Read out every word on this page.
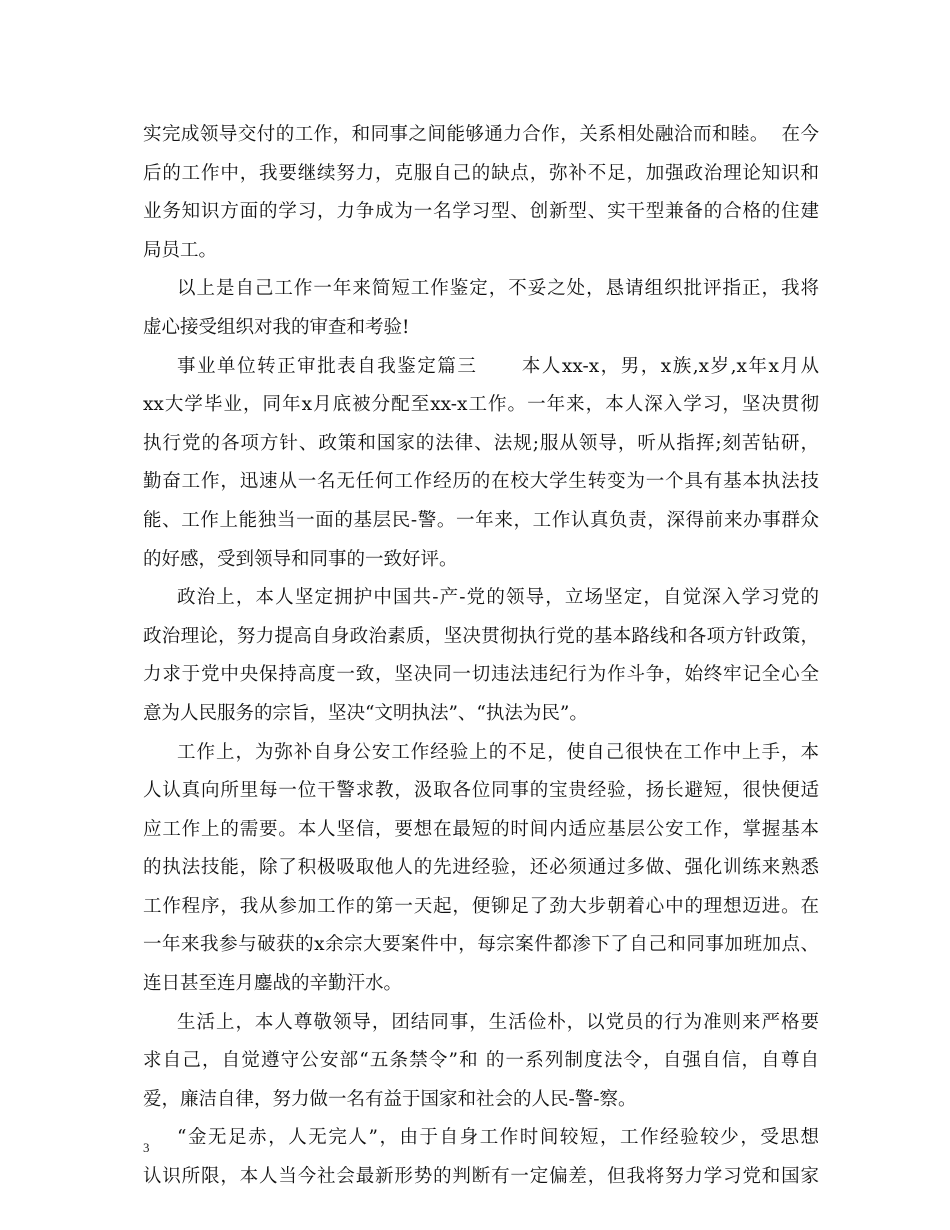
实完成领导交付的工作，和同事之间能够通力合作，关系相处融洽而和睦。  在今
后的工作中，我要继续努力，克服自己的缺点，弥补不足，加强政治理论知识和
业务知识方面的学习，力争成为一名学习型、创新型、实干型兼备的合格的住建
局员工。
以上是自己工作一年来简短工作鉴定，不妥之处，恳请组织批评指正，我将
虚心接受组织对我的审查和考验!
事业单位转正审批表自我鉴定篇三      本人xx-x，男，x族,x岁,x年x月从
xx大学毕业，同年x月底被分配至xx-x工作。一年来，本人深入学习，坚决贯彻
执行党的各项方针、政策和国家的法律、法规;服从领导，听从指挥;刻苦钻研，
勤奋工作，迅速从一名无任何工作经历的在校大学生转变为一个具有基本执法技
能、工作上能独当一面的基层民-警。一年来，工作认真负责，深得前来办事群众
的好感，受到领导和同事的一致好评。
政治上，本人坚定拥护中国共-产-党的领导，立场坚定，自觉深入学习党的
政治理论，努力提高自身政治素质，坚决贯彻执行党的基本路线和各项方针政策，
力求于党中央保持高度一致，坚决同一切违法违纪行为作斗争，始终牢记全心全
意为人民服务的宗旨，坚决“文明执法”、“执法为民”。
工作上，为弥补自身公安工作经验上的不足，使自己很快在工作中上手，本
人认真向所里每一位干警求教，汲取各位同事的宝贵经验，扬长避短，很快便适
应工作上的需要。本人坚信，要想在最短的时间内适应基层公安工作，掌握基本
的执法技能，除了积极吸取他人的先进经验，还必须通过多做、强化训练来熟悉
工作程序，我从参加工作的第一天起，便铆足了劲大步朝着心中的理想迈进。在
一年来我参与破获的x余宗大要案件中，每宗案件都渗下了自己和同事加班加点、
连日甚至连月鏖战的辛勤汗水。
生活上，本人尊敬领导，团结同事，生活俭朴，以党员的行为准则来严格要
求自己，自觉遵守公安部“五条禁令”和 的一系列制度法令，自强自信，自尊自
爱，廉洁自律，努力做一名有益于国家和社会的人民-警-察。
“金无足赤，人无完人”，由于自身工作时间较短，工作经验较少，受思想
认识所限，本人当今社会最新形势的判断有一定偏差，但我将努力学习党和国家
3
